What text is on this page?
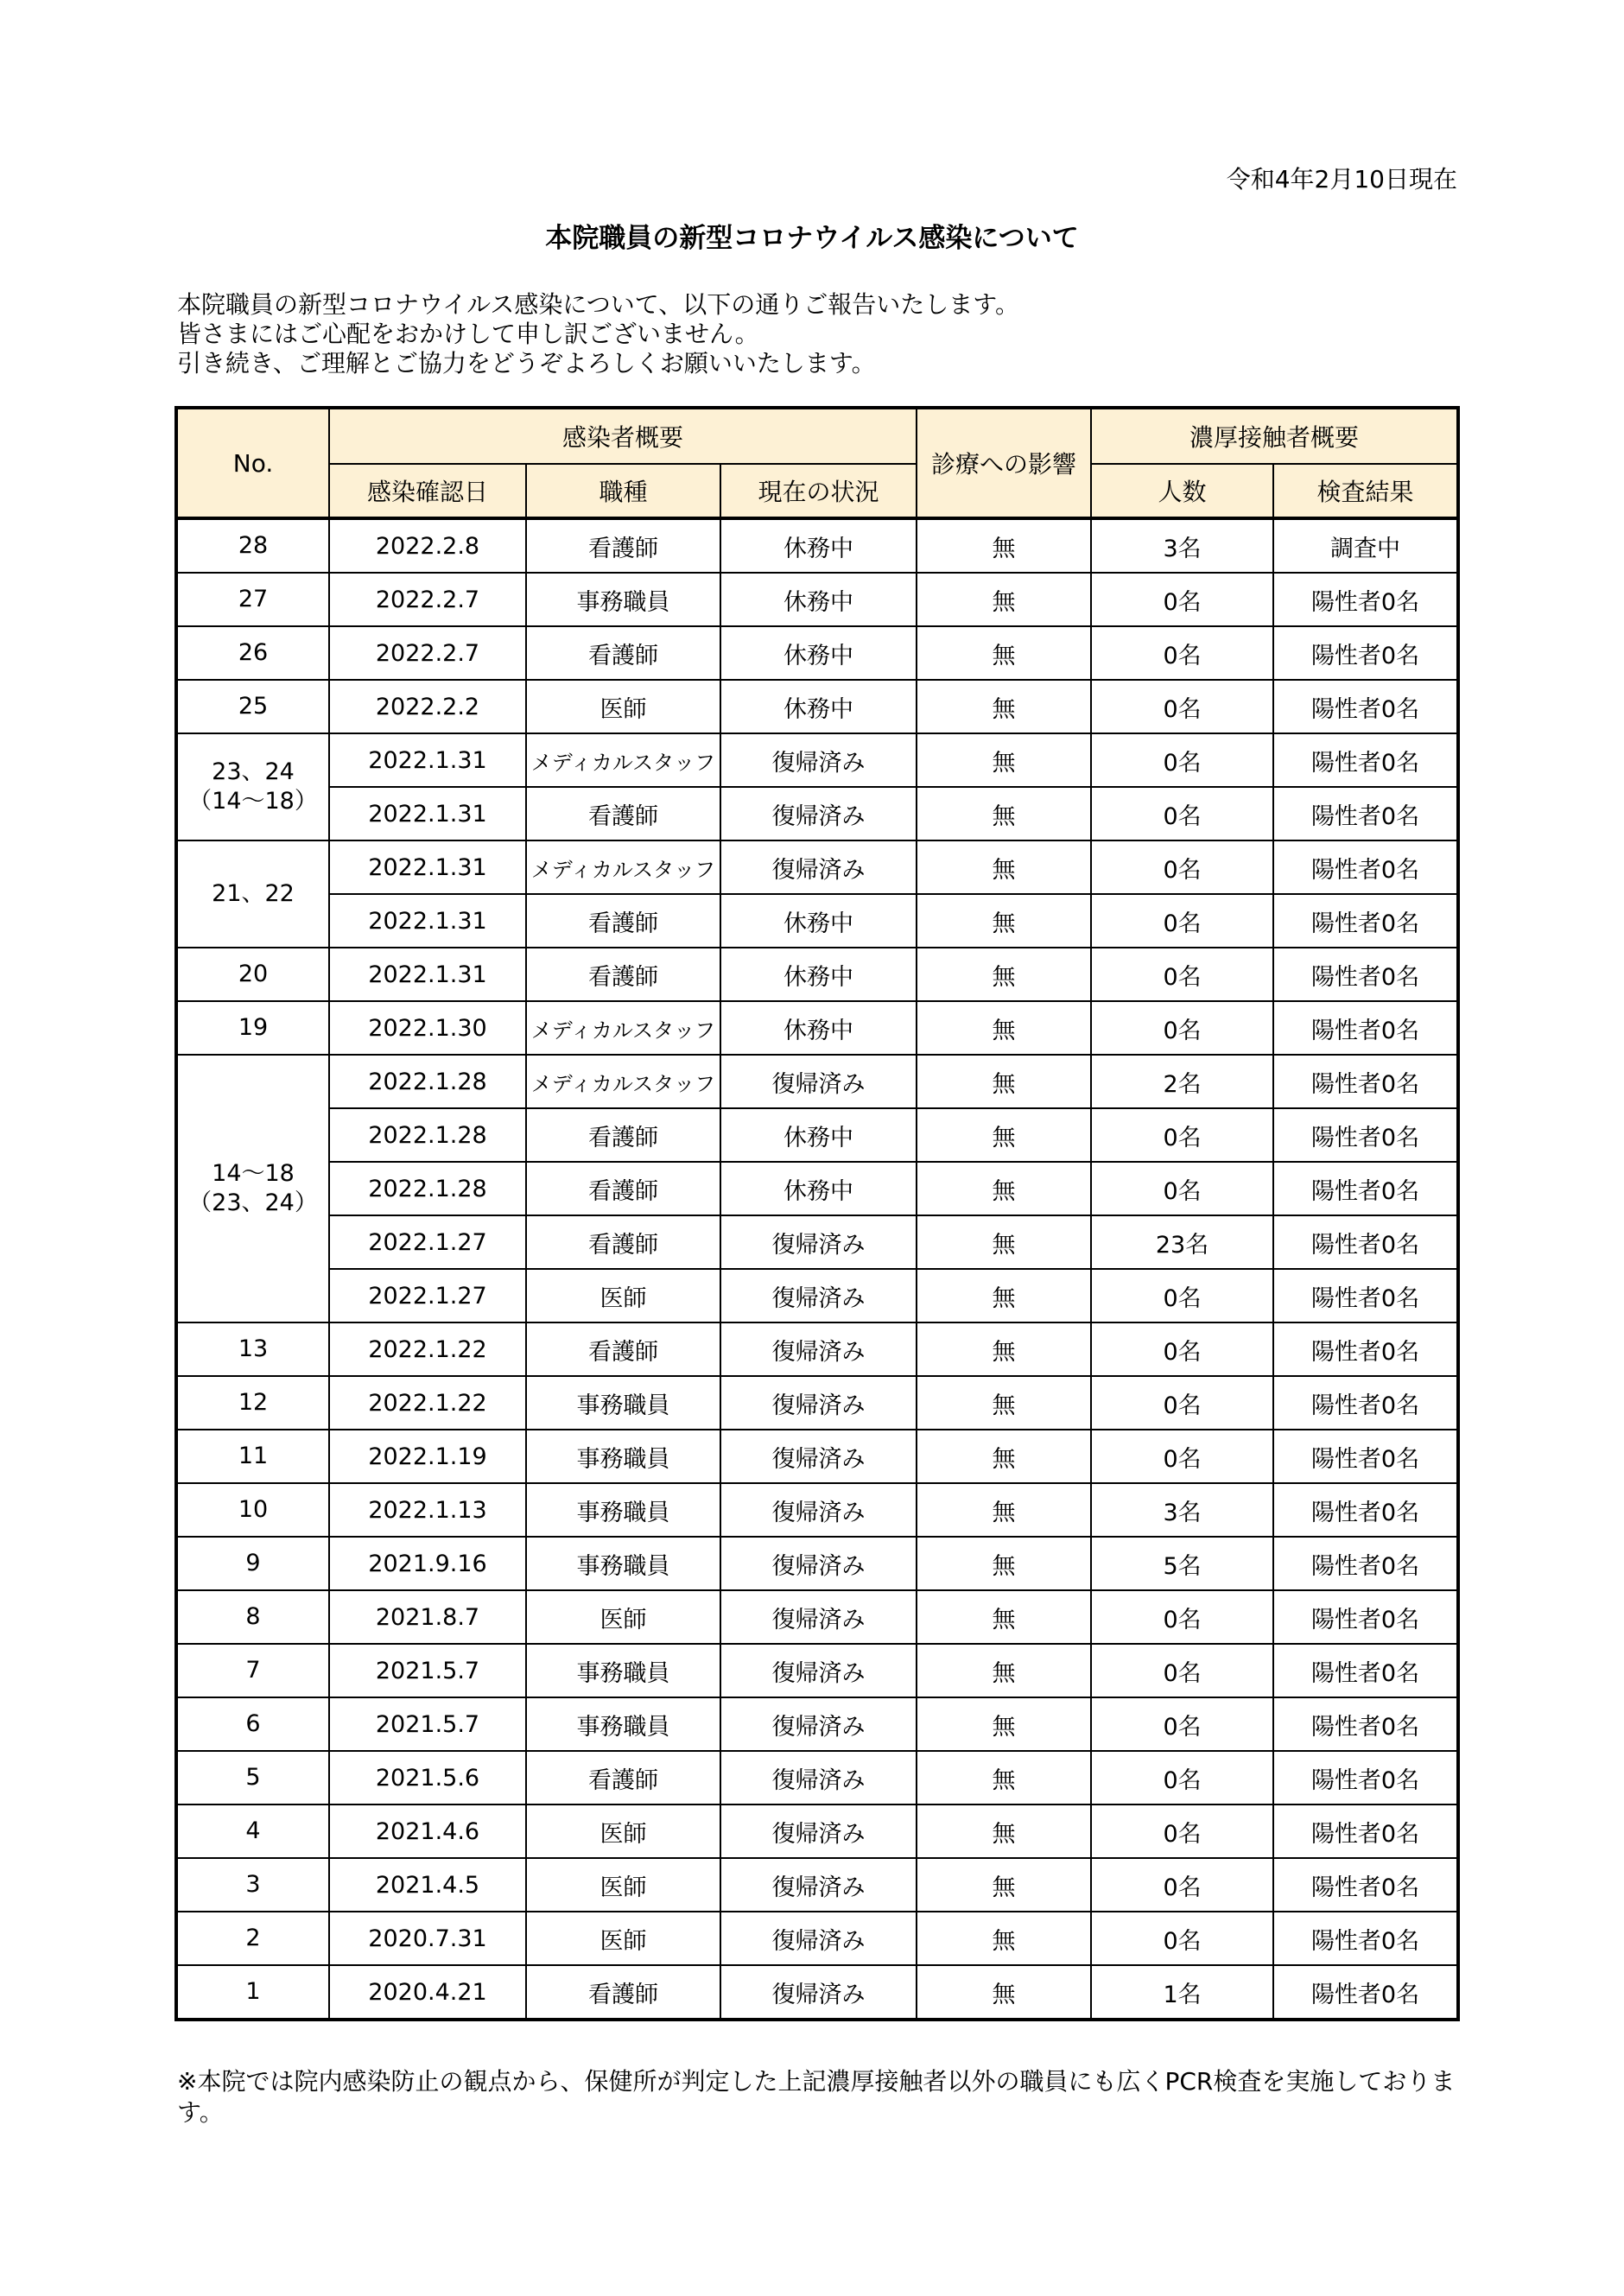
令和4年2月10日現在
本院職員の新型コロナウイルス感染について
本院職員の新型コロナウイルス感染について、以下の通りご報告いたします。
皆さまにはご心配をおかけして申し訳ございません。
引き続き、ご理解とご協力をどうぞよろしくお願いいたします。
No.	感染者概要			診療への影響	濃厚接触者概要	
	感染確認日	職種	現在の状況		人数	検査結果
28	2022.2.8	看護師	休務中	無	3名	調査中
27	2022.2.7	事務職員	休務中	無	0名	陽性者0名
26	2022.2.7	看護師	休務中	無	0名	陽性者0名
25	2022.2.2	医師	休務中	無	0名	陽性者0名
23、24
（14～18）	2022.1.31	メディカルスタッフ	復帰済み	無	0名	陽性者0名
	2022.1.31	看護師	復帰済み	無	0名	陽性者0名
21、22	2022.1.31	メディカルスタッフ	復帰済み	無	0名	陽性者0名
	2022.1.31	看護師	休務中	無	0名	陽性者0名
20	2022.1.31	看護師	休務中	無	0名	陽性者0名
19	2022.1.30	メディカルスタッフ	休務中	無	0名	陽性者0名
14～18
（23、24）	2022.1.28	メディカルスタッフ	復帰済み	無	2名	陽性者0名
	2022.1.28	看護師	休務中	無	0名	陽性者0名
	2022.1.28	看護師	休務中	無	0名	陽性者0名
	2022.1.27	看護師	復帰済み	無	23名	陽性者0名
	2022.1.27	医師	復帰済み	無	0名	陽性者0名
13	2022.1.22	看護師	復帰済み	無	0名	陽性者0名
12	2022.1.22	事務職員	復帰済み	無	0名	陽性者0名
11	2022.1.19	事務職員	復帰済み	無	0名	陽性者0名
10	2022.1.13	事務職員	復帰済み	無	3名	陽性者0名
9	2021.9.16	事務職員	復帰済み	無	5名	陽性者0名
8	2021.8.7	医師	復帰済み	無	0名	陽性者0名
7	2021.5.7	事務職員	復帰済み	無	0名	陽性者0名
6	2021.5.7	事務職員	復帰済み	無	0名	陽性者0名
5	2021.5.6	看護師	復帰済み	無	0名	陽性者0名
4	2021.4.6	医師	復帰済み	無	0名	陽性者0名
3	2021.4.5	医師	復帰済み	無	0名	陽性者0名
2	2020.7.31	医師	復帰済み	無	0名	陽性者0名
1	2020.4.21	看護師	復帰済み	無	1名	陽性者0名
※本院では院内感染防止の観点から、保健所が判定した上記濃厚接触者以外の職員にも広くPCR検査を実施しております。
